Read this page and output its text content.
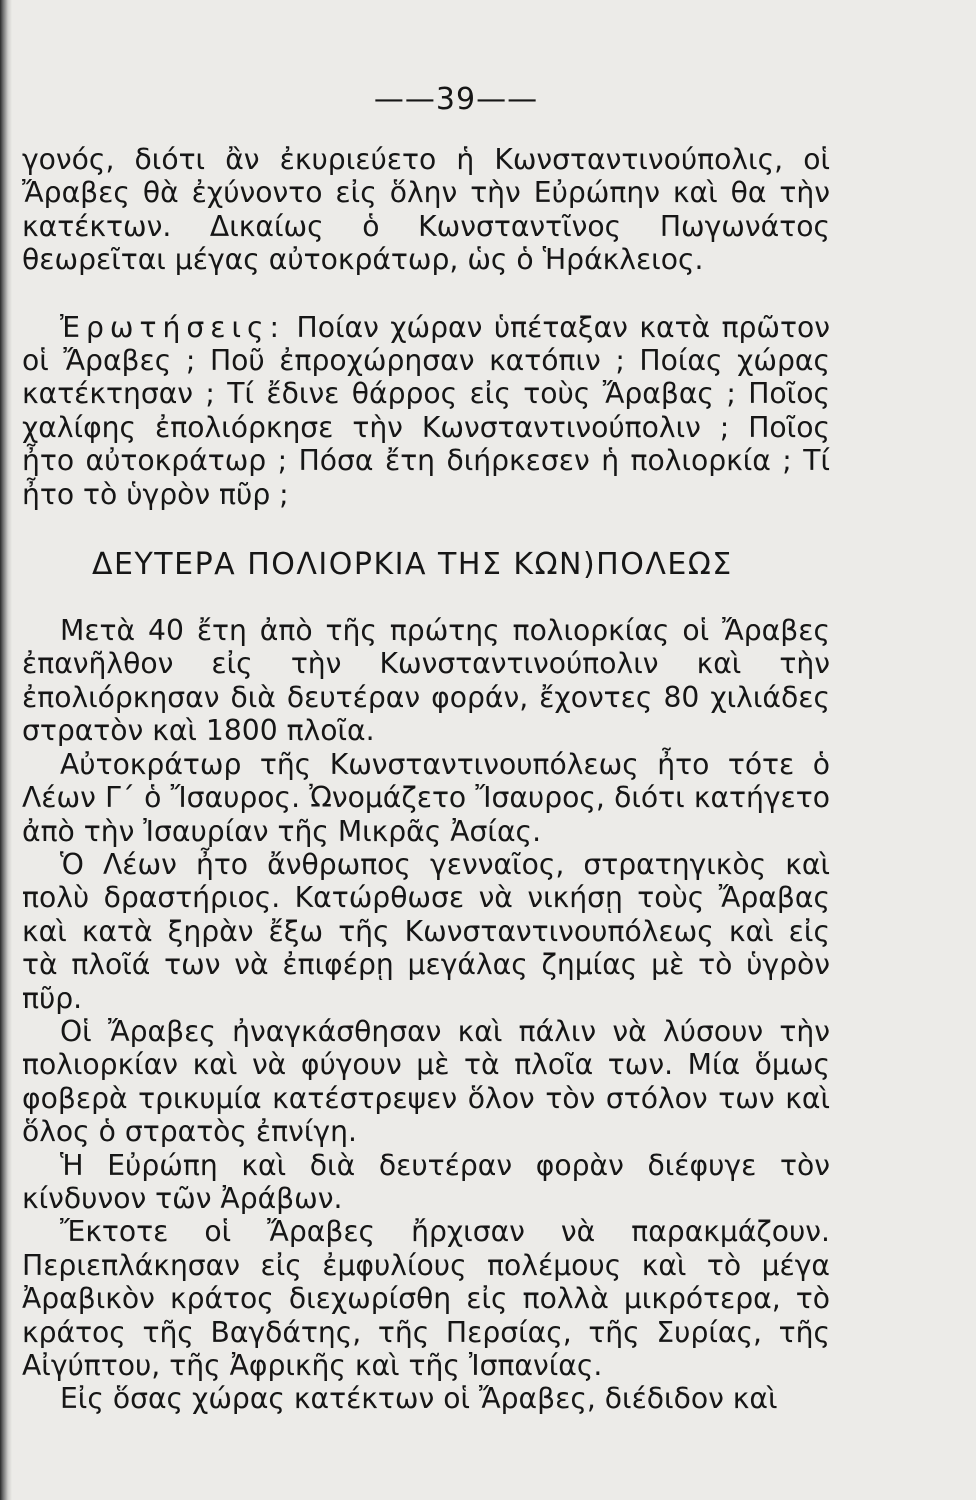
——39——

γονός, διότι ἂν ἐκυριεύετο ἡ Κωνσταντινούπολις, οἱ Ἄραβες θὰ ἐχύνοντο εἰς ὅλην τὴν Εὐρώπην καὶ θα τὴν κατέκτων. Δικαίως ὁ Κωνσταντῖνος Πωγωνάτος θεωρεῖται μέγας αὐτοκράτωρ, ὡς ὁ Ἡράκλειος.

Ἐρωτήσεις: Ποίαν χώραν ὑπέταξαν κατὰ πρῶτον οἱ Ἄραβες ; Ποῦ ἐπροχώρησαν κατόπιν ; Ποίας χώρας κατέκτησαν ; Τί ἔδινε θάρρος εἰς τοὺς Ἄραβας ; Ποῖος χαλίφης ἐπολιόρκησε τὴν Κωνσταντινούπολιν ; Ποῖος ἦτο αὐτοκράτωρ ; Πόσα ἔτη διήρκεσεν ἡ πολιορκία ; Τί ἦτο τὸ ὑγρὸν πῦρ ;

ΔΕΥΤΕΡΑ ΠΟΛΙΟΡΚΙΑ ΤΗΣ ΚΩΝ)ΠΟΛΕΩΣ

Μετὰ 40 ἔτη ἀπὸ τῆς πρώτης πολιορκίας οἱ Ἄραβες ἐπανῆλθον εἰς τὴν Κωνσταντινούπολιν καὶ τὴν ἐπολιόρκησαν διὰ δευτέραν φοράν, ἔχοντες 80 χιλιάδες στρατὸν καὶ 1800 πλοῖα.

Αὐτοκράτωρ τῆς Κωνσταντινουπόλεως ἦτο τότε ὁ Λέων Γ΄ ὁ Ἴσαυρος. Ὠνομάζετο Ἴσαυρος, διότι κατήγετο ἀπὸ τὴν Ἰσαυρίαν τῆς Μικρᾶς Ἀσίας.

Ὁ Λέων ἦτο ἄνθρωπος γενναῖος, στρατηγικὸς καὶ πολὺ δραστήριος. Κατώρθωσε νὰ νικήσῃ τοὺς Ἄραβας καὶ κατὰ ξηρὰν ἔξω τῆς Κωνσταντινουπόλεως καὶ εἰς τὰ πλοῖά των νὰ ἐπιφέρῃ μεγάλας ζημίας μὲ τὸ ὑγρὸν πῦρ.

Οἱ Ἄραβες ἠναγκάσθησαν καὶ πάλιν νὰ λύσουν τὴν πολιορκίαν καὶ νὰ φύγουν μὲ τὰ πλοῖα των. Μία ὅμως φοβερὰ τρικυμία κατέστρεψεν ὅλον τὸν στόλον των καὶ ὅλος ὁ στρατὸς ἐπνίγη.

Ἡ Εὐρώπη καὶ διὰ δευτέραν φορὰν διέφυγε τὸν κίνδυνον τῶν Ἀράβων.

Ἔκτοτε οἱ Ἄραβες ἤρχισαν νὰ παρακμάζουν. Περιεπλάκησαν εἰς ἐμφυλίους πολέμους καὶ τὸ μέγα Ἀραβικὸν κράτος διεχωρίσθη εἰς πολλὰ μικρότερα, τὸ κράτος τῆς Βαγδάτης, τῆς Περσίας, τῆς Συρίας, τῆς Αἰγύπτου, τῆς Ἀφρικῆς καὶ τῆς Ἰσπανίας.

Εἰς ὅσας χώρας κατέκτων οἱ Ἄραβες, διέδιδον καὶ
